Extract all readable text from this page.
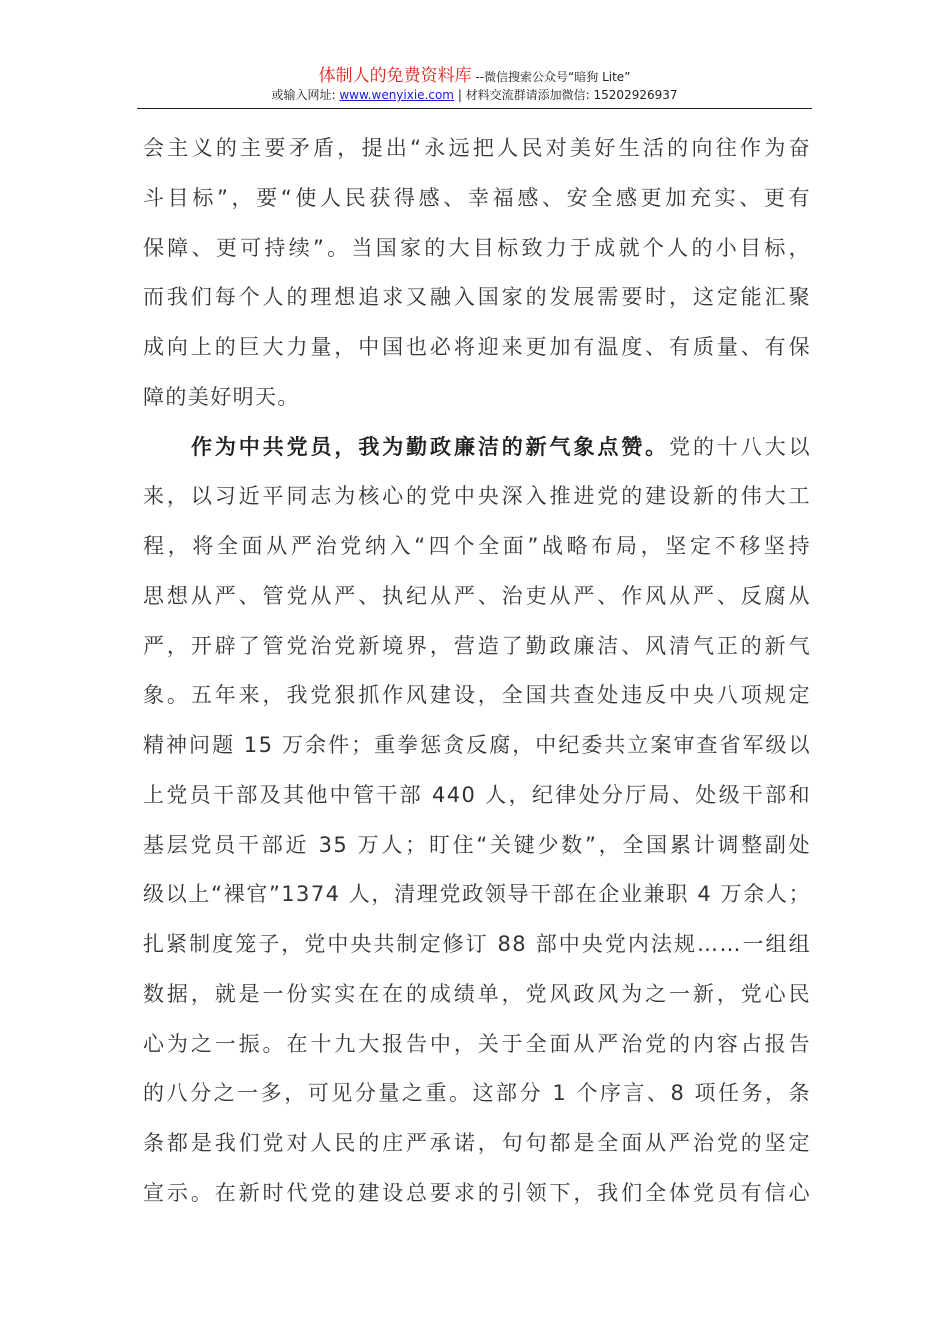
体制人的免费资料库 --微信搜索公众号“暗狗 Lite”
或输入网址: www.wenyixie.com | 材料交流群请添加微信: 15202926937
会主义的主要矛盾，提出“永远把人民对美好生活的向往作为奋
斗目标”，要“使人民获得感、幸福感、安全感更加充实、更有
保障、更可持续”。当国家的大目标致力于成就个人的小目标，
而我们每个人的理想追求又融入国家的发展需要时，这定能汇聚
成向上的巨大力量，中国也必将迎来更加有温度、有质量、有保
障的美好明天。
作为中共党员，我为勤政廉洁的新气象点赞。党的十八大以
来，以习近平同志为核心的党中央深入推进党的建设新的伟大工
程，将全面从严治党纳入“四个全面”战略布局，坚定不移坚持
思想从严、管党从严、执纪从严、治吏从严、作风从严、反腐从
严，开辟了管党治党新境界，营造了勤政廉洁、风清气正的新气
象。五年来，我党狠抓作风建设，全国共查处违反中央八项规定
精神问题 15 万余件；重拳惩贪反腐，中纪委共立案审查省军级以
上党员干部及其他中管干部 440 人，纪律处分厅局、处级干部和
基层党员干部近 35 万人；盯住“关键少数”，全国累计调整副处
级以上“裸官”1374 人，清理党政领导干部在企业兼职 4 万余人；
扎紧制度笼子，党中央共制定修订 88 部中央党内法规……一组组
数据，就是一份实实在在的成绩单，党风政风为之一新，党心民
心为之一振。在十九大报告中，关于全面从严治党的内容占报告
的八分之一多，可见分量之重。这部分 1 个序言、8 项任务，条
条都是我们党对人民的庄严承诺，句句都是全面从严治党的坚定
宣示。在新时代党的建设总要求的引领下，我们全体党员有信心
